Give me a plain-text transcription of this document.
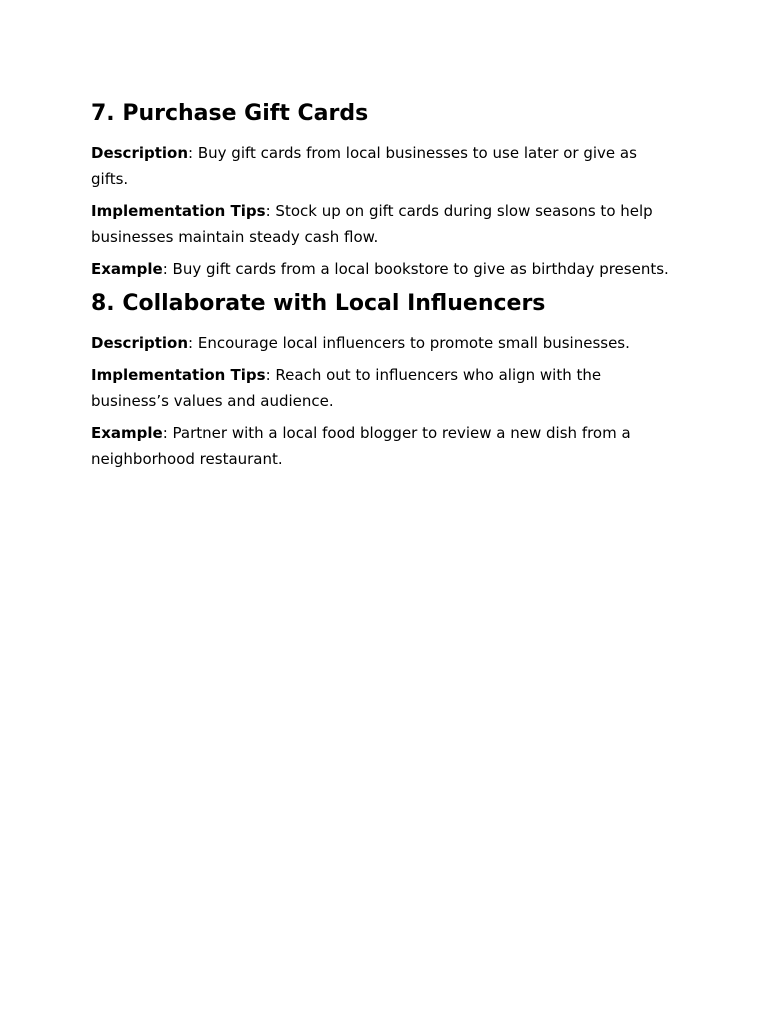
7. Purchase Gift Cards

Description: Buy gift cards from local businesses to use later or give as gifts.

Implementation Tips: Stock up on gift cards during slow seasons to help businesses maintain steady cash flow.

Example: Buy gift cards from a local bookstore to give as birthday presents.

8. Collaborate with Local Influencers

Description: Encourage local influencers to promote small businesses.

Implementation Tips: Reach out to influencers who align with the business’s values and audience.

Example: Partner with a local food blogger to review a new dish from a neighborhood restaurant.
